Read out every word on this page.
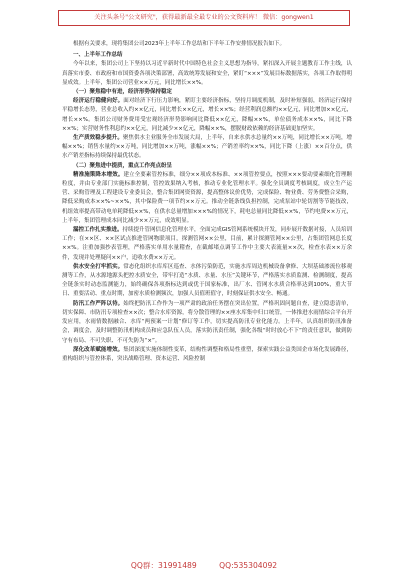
关注头条号"公文研究"，获得最新最全最专业的公文资料库！ 微信：gongwen1

根据有关要求，现将集团公司2023年上半年工作总结和下半年工作安排情况报告如下。

一、上半年工作总结

今年以来，集团公司上下坚持以习近平新时代中国特色社会主义思想为指导，紧扣深入开展主题教育工作主线，认真落实市委、市政府和市国资委各项决策部署，高效统筹发展和安全，紧盯“×××”发展目标数据落实，各项工作取得明显成效。上半年，集团公司营业××万元，同比增长××%。

（一）聚焦稳中有进，经济形势保持稳定

经济运行稳健向好。面对经济下行压力影响，紧盯主要经济指标，坚持月调度机制，及时补短强弱，经济运行保持平稳增长态势，营业总收入约××亿元，同比增长××亿元，增长××%；经营利润总额约××亿元，同比增加××亿元，增长××%。集团公司财务费用受宏观经济形势影响同比降低××亿元，降幅××%，单位债务成本××%，同比下降××%；实营财务性利息约××亿元，同比减少××亿元，降幅××%，摆脱财政依赖的经济基础更加坚实。

生产质效稳步提升。聚焦供水主业服务全市发展大局，上半年，自来水供水总量约××万吨，同比增长××万吨，增幅××%；销售水量约××万吨，同比增加××万吨，涨幅××%；产销差率约××%，同比下降（上涨）××百分点，供水产销差指标持续保持最优状态。

（二）聚焦进中提质，重点工作亮点纷呈

精准施策降本增效。建立全要素管控标准，细分××项成本标准、××项管控要点，按照×××要动要素细化管理颗粒度，并由专业部门实施标准控制，管控效果纳入考核，推动专业化管理水平。强化全员调度考核调度，成立生产运营、采购管理及工程建设专业委员会，整合集团网资资源，提高整体议价优势，完成保险、物业费、劳务费整合采购，降低采购成本××%~××%，其中保险费一项节约××万元。推动全链条线负担控制，完成泵站中轮切割等节能技改，机组效率提高带动电单耗降低××%，在供水总量增加×××%的情况下，耗电总量同比降低××%，节约电费××万元，上半年，集团管理成本同比减少××万元，成效明显。

漏控工作扎实推进。持续提升管网信息化管理水平，全面完成GIS管网系统模块开发，同步展开数据对接，人员培训工作；在××区、××区试点推进管网物联项目，探测管网××公里，目前，累计探测管网××公里，占集团管网总长度××%。注重加强抄表管理，严格落实单用水量稽查，在截邮堵点调节工作中主要大表流量××次，检查水表××万余件，发现并处理疑问××户，追收水费××万元。

供水安全打牢抓实。常态化组织水库库区巡查、水体污染防范，实施水库周边机械设备拿修、大坝基础渗流位移观测等工作，从水源地源头把控水质安全，带牢打造“水质、水量、水压”关键环节，严格落实水质监测、检测制度，提高全链条实时动态监测能力，始终确保各项指标达到或优于国家标准，出厂水、管网水水质合格率达到100%，重大节日、重要活动、重点时期，加密水质检测频次，加强人员值班值守，时刻保证供水安全、畅通。

防汛工作严阵以待。始终把防汛工作作为一项严肃的政治任务摆在突出位置，严格巩固问题自查，建立隐患清单，切实保障、市防汛专项检查××次；整合水库资源，将分散管理的××座水库集中归口统管，一体推进水雨情综合平台开发应用，水雨情数据融合、水库“两预案一计划”修订等工作，切实提高防汛专业化能力。上半年，认真组织防汛准备会，调度会，及时调整防汛机构成员和应急队伍人员，落实防汛责任制，强化各级“时时放心不下”的责任意识，做到防守有布局、不可失职、不可失防为“×”。

深化改革赋能增效。集团深度实施体制性变革，结构性调整和格局性重塑，探索实践公益类国企市场化发展路径，重构组织与管控体系，突出战略管理、资本运营、风险控制

QQ群：31991489	QQ:535304092
